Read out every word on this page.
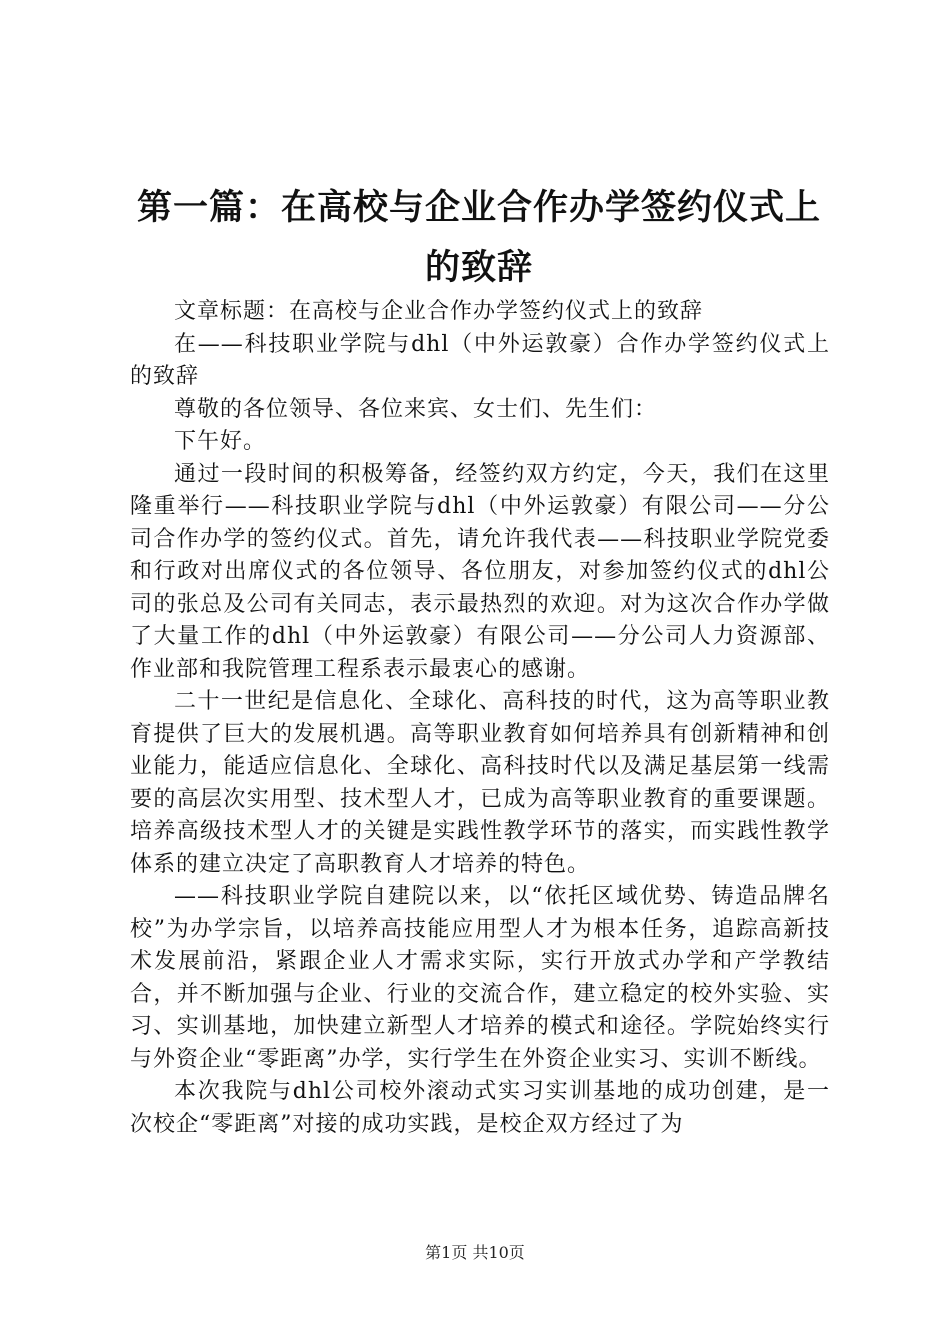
第一篇：在高校与企业合作办学签约仪式上的致辞

文章标题：在高校与企业合作办学签约仪式上的致辞

在——科技职业学院与dhl（中外运敦豪）合作办学签约仪式上的致辞

尊敬的各位领导、各位来宾、女士们、先生们：

下午好。

通过一段时间的积极筹备，经签约双方约定，今天，我们在这里隆重举行——科技职业学院与dhl（中外运敦豪）有限公司——分公司合作办学的签约仪式。首先，请允许我代表——科技职业学院党委和行政对出席仪式的各位领导、各位朋友，对参加签约仪式的dhl公司的张总及公司有关同志，表示最热烈的欢迎。对为这次合作办学做了大量工作的dhl（中外运敦豪）有限公司——分公司人力资源部、作业部和我院管理工程系表示最衷心的感谢。

二十一世纪是信息化、全球化、高科技的时代，这为高等职业教育提供了巨大的发展机遇。高等职业教育如何培养具有创新精神和创业能力，能适应信息化、全球化、高科技时代以及满足基层第一线需要的高层次实用型、技术型人才，已成为高等职业教育的重要课题。培养高级技术型人才的关键是实践性教学环节的落实，而实践性教学体系的建立决定了高职教育人才培养的特色。

——科技职业学院自建院以来，以“依托区域优势、铸造品牌名校”为办学宗旨，以培养高技能应用型人才为根本任务，追踪高新技术发展前沿，紧跟企业人才需求实际，实行开放式办学和产学教结合，并不断加强与企业、行业的交流合作，建立稳定的校外实验、实习、实训基地，加快建立新型人才培养的模式和途径。学院始终实行与外资企业“零距离”办学，实行学生在外资企业实习、实训不断线。

本次我院与dhl公司校外滚动式实习实训基地的成功创建，是一次校企“零距离”对接的成功实践，是校企双方经过了为

第1页 共10页
